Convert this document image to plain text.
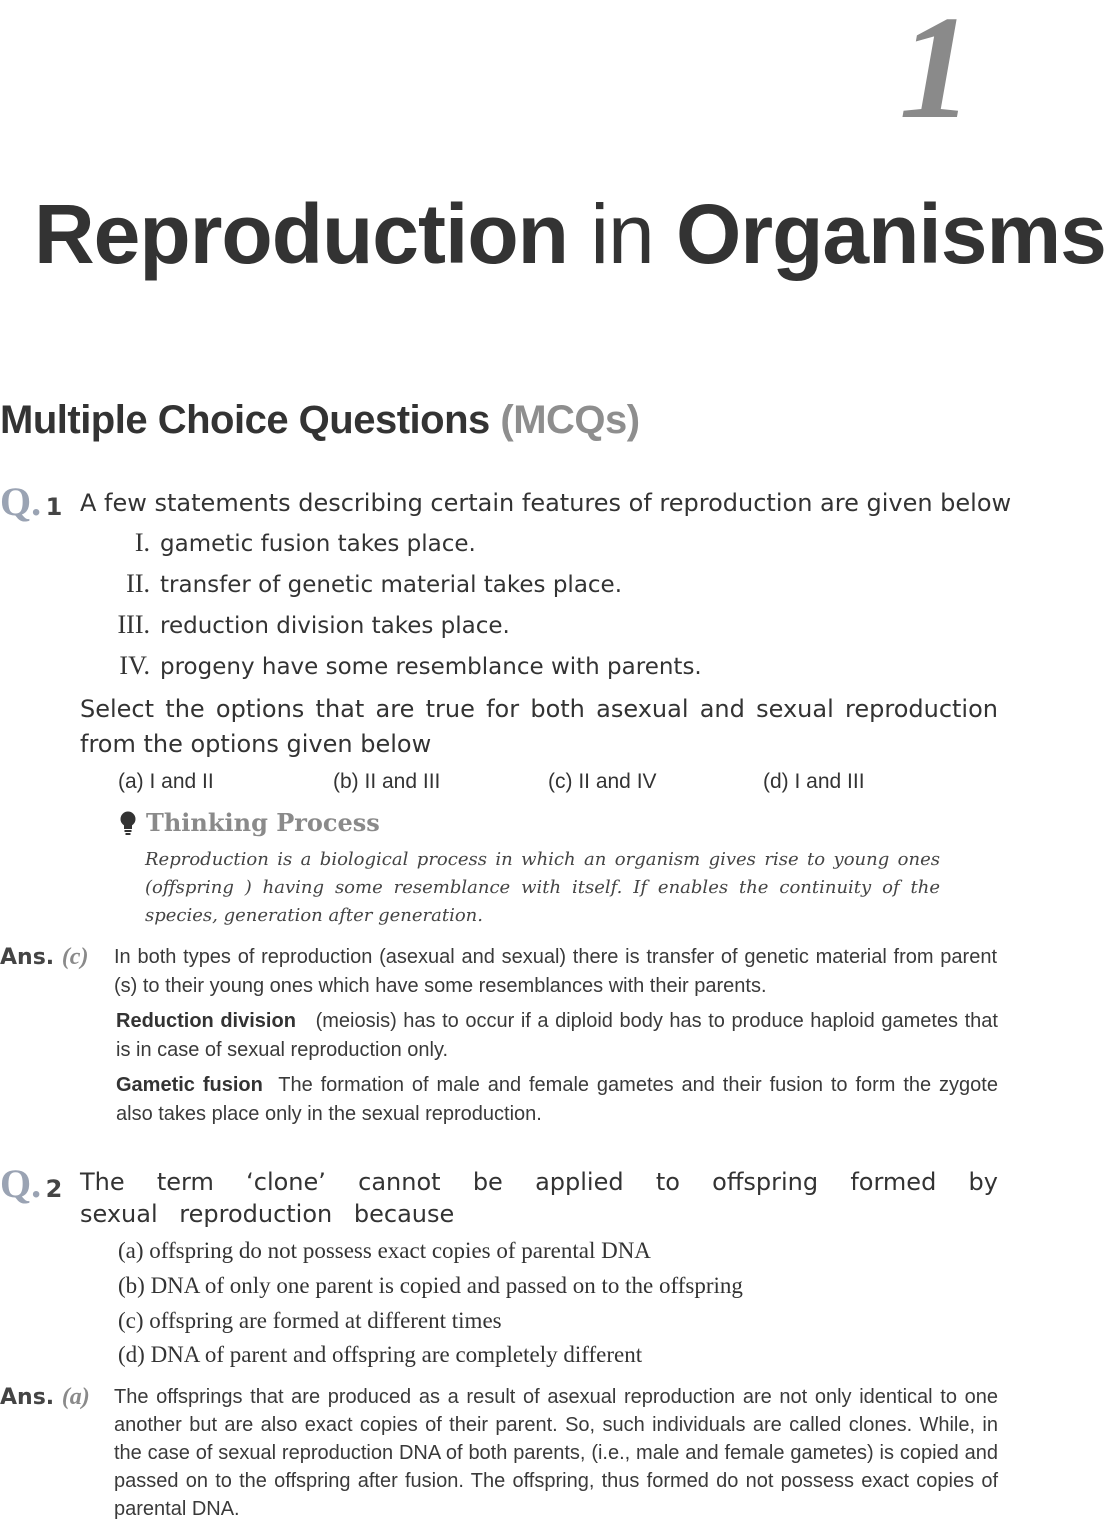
1
Reproduction in Organisms
Multiple Choice Questions (MCQs)
Q. 1 A few statements describing certain features of reproduction are given below
I. gametic fusion takes place.
II. transfer of genetic material takes place.
III. reduction division takes place.
IV. progeny have some resemblance with parents.
Select the options that are true for both asexual and sexual reproduction from the options given below
(a) I and II	(b) II and III	(c) II and IV	(d) I and III
Thinking Process
Reproduction is a biological process in which an organism gives rise to young ones (offspring ) having some resemblance with itself. If enables the continuity of the species, generation after generation.
Ans. (c) In both types of reproduction (asexual and sexual) there is transfer of genetic material from parent (s) to their young ones which have some resemblances with their parents.
Reduction division (meiosis) has to occur if a diploid body has to produce haploid gametes that is in case of sexual reproduction only.
Gametic fusion The formation of male and female gametes and their fusion to form the zygote also takes place only in the sexual reproduction.
Q. 2 The term ‘clone’ cannot be applied to offspring formed by sexual reproduction because
(a) offspring do not possess exact copies of parental DNA
(b) DNA of only one parent is copied and passed on to the offspring
(c) offspring are formed at different times
(d) DNA of parent and offspring are completely different
Ans. (a) The offsprings that are produced as a result of asexual reproduction are not only identical to one another but are also exact copies of their parent. So, such individuals are called clones. While, in the case of sexual reproduction DNA of both parents, (i.e., male and female gametes) is copied and passed on to the offspring after fusion. The offspring, thus formed do not possess exact copies of parental DNA.
